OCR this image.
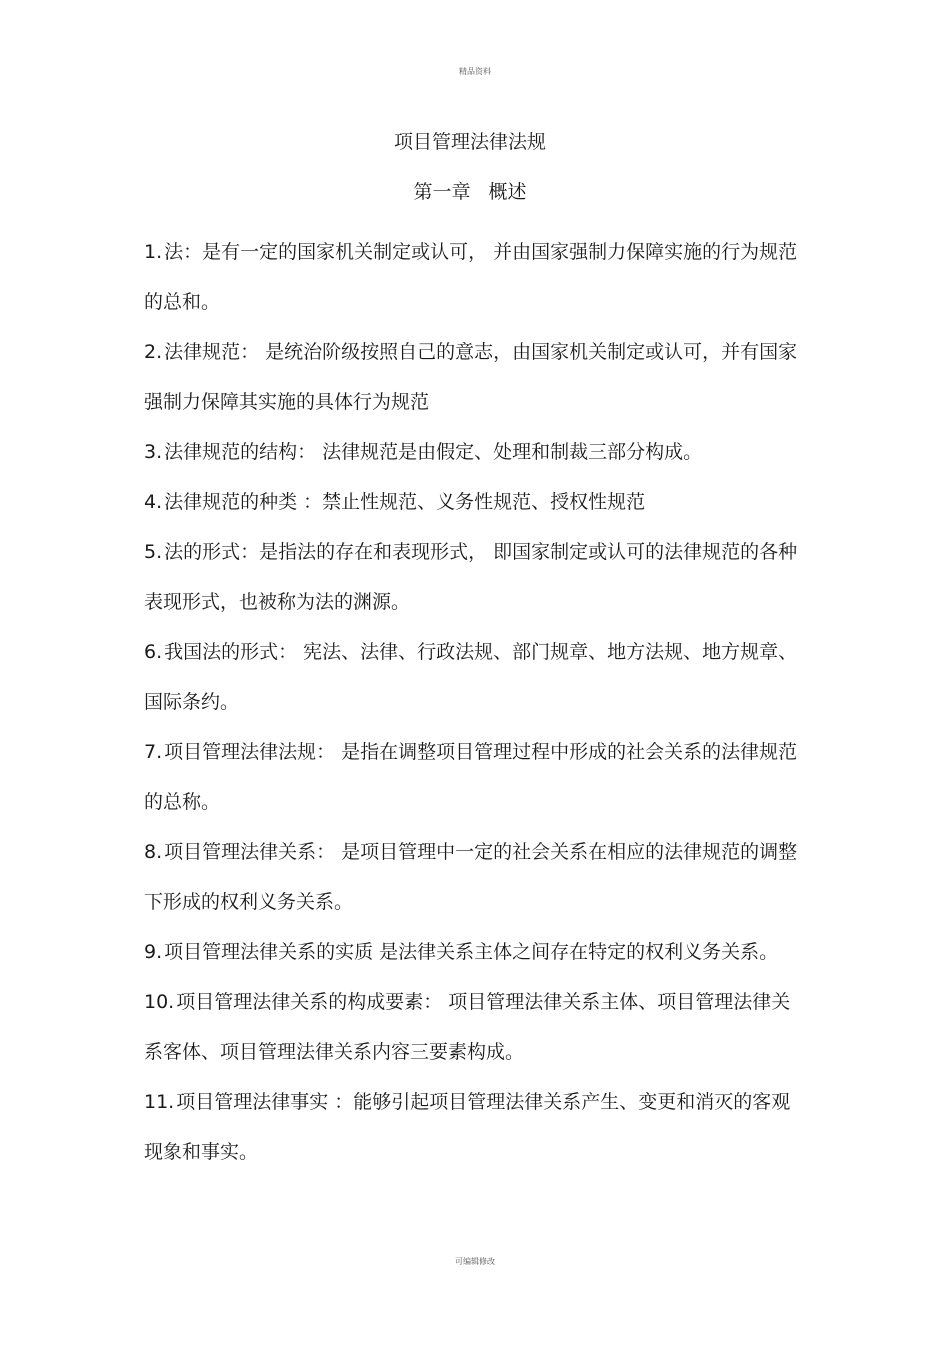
精品资料
项目管理法律法规
第一章 概述
1. 法：是有一定的国家机关制定或认可， 并由国家强制力保障实施的行为规范的总和。
2. 法律规范： 是统治阶级按照自己的意志，由国家机关制定或认可，并有国家强制力保障其实施的具体行为规范
3. 法律规范的结构： 法律规范是由假定、处理和制裁三部分构成。
4. 法律规范的种类 ：禁止性规范、义务性规范、授权性规范
5. 法的形式：是指法的存在和表现形式， 即国家制定或认可的法律规范的各种表现形式，也被称为法的渊源。
6. 我国法的形式： 宪法、法律、行政法规、部门规章、地方法规、地方规章、国际条约。
7. 项目管理法律法规： 是指在调整项目管理过程中形成的社会关系的法律规范的总称。
8. 项目管理法律关系： 是项目管理中一定的社会关系在相应的法律规范的调整下形成的权利义务关系。
9. 项目管理法律关系的实质 是法律关系主体之间存在特定的权利义务关系。
10. 项目管理法律关系的构成要素： 项目管理法律关系主体、项目管理法律关系客体、项目管理法律关系内容三要素构成。
11. 项目管理法律事实 ：能够引起项目管理法律关系产生、变更和消灭的客观现象和事实。
可编辑修改
